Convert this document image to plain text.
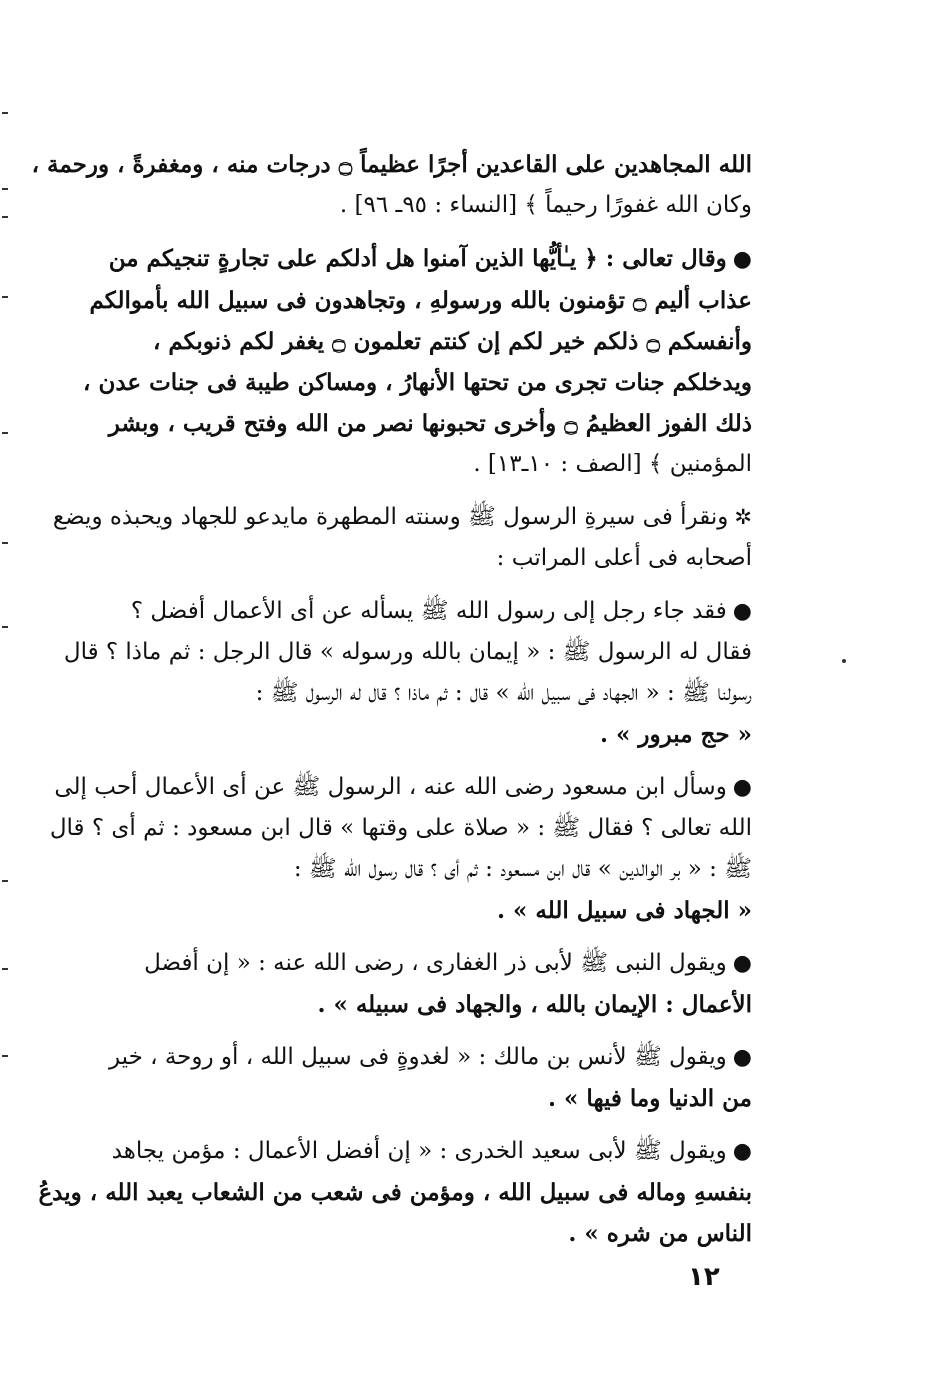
الله المجاهدين على القاعدين أجرًا عظيماً ۝ درجات منه ، ومغفرةً ، ورحمة ،
وكان الله غفورًا رحيماً ﴾ [النساء : ٩٥ـ ٩٦] .
●وقال تعالى : ﴿ يـٰأيُّها الذين آمنوا هل أدلكم على تجارةٍ تنجيكم من
عذاب أليم ۝ تؤمنون بالله ورسولهِ ، وتجاهدون فى سبيل الله بأموالكم
وأنفسكم ۝ ذلكم خير لكم إن كنتم تعلمون ۝ يغفر لكم ذنوبكم ،
ويدخلكم جنات تجرى من تحتها الأنهارُ ، ومساكن طيبة فى جنات عدن ،
ذلك الفوز العظيمُ ۝ وأخرى تحبونها نصر من الله وفتح قريب ، وبشر
المؤمنين ﴾ [الصف : ١٠ـ١٣] .
✲ونقرأ فى سيرةِ الرسول ﷺ وسنته المطهرة مايدعو للجهاد ويحبذه ويضع
أصحابه فى أعلى المراتب :
●فقد جاء رجل إلى رسول الله ﷺ يسأله عن أى الأعمال أفضل ؟
فقال له الرسول ﷺ : « إيمان بالله ورسوله » قال الرجل : ثم ماذا ؟ قال
رسولنا ﷺ : « الجهاد فى سبيل الله » قال : ثم ماذا ؟ قال له الرسول ﷺ :
« حج مبرور » .
●وسأل ابن مسعود رضى الله عنه ، الرسول ﷺ عن أى الأعمال أحب إلى
الله تعالى ؟ فقال ﷺ : « صلاة على وقتها » قال ابن مسعود : ثم أى ؟ قال
ﷺ : « بر الوالدين » قال ابن مسعود : ثم أى ؟ قال رسول الله ﷺ :
« الجهاد فى سبيل الله » .
●ويقول النبى ﷺ لأبى ذر الغفارى ، رضى الله عنه : « إن أفضل
الأعمال : الإيمان بالله ، والجهاد فى سبيله » .
●ويقول ﷺ لأنس بن مالك : « لغدوةٍ فى سبيل الله ، أو روحة ، خير
من الدنيا وما فيها » .
●ويقول ﷺ لأبى سعيد الخدرى : « إن أفضل الأعمال : مؤمن يجاهد
بنفسهِ وماله فى سبيل الله ، ومؤمن فى شعب من الشعاب يعبد الله ، ويدعُ
الناس من شره » .
١٢
